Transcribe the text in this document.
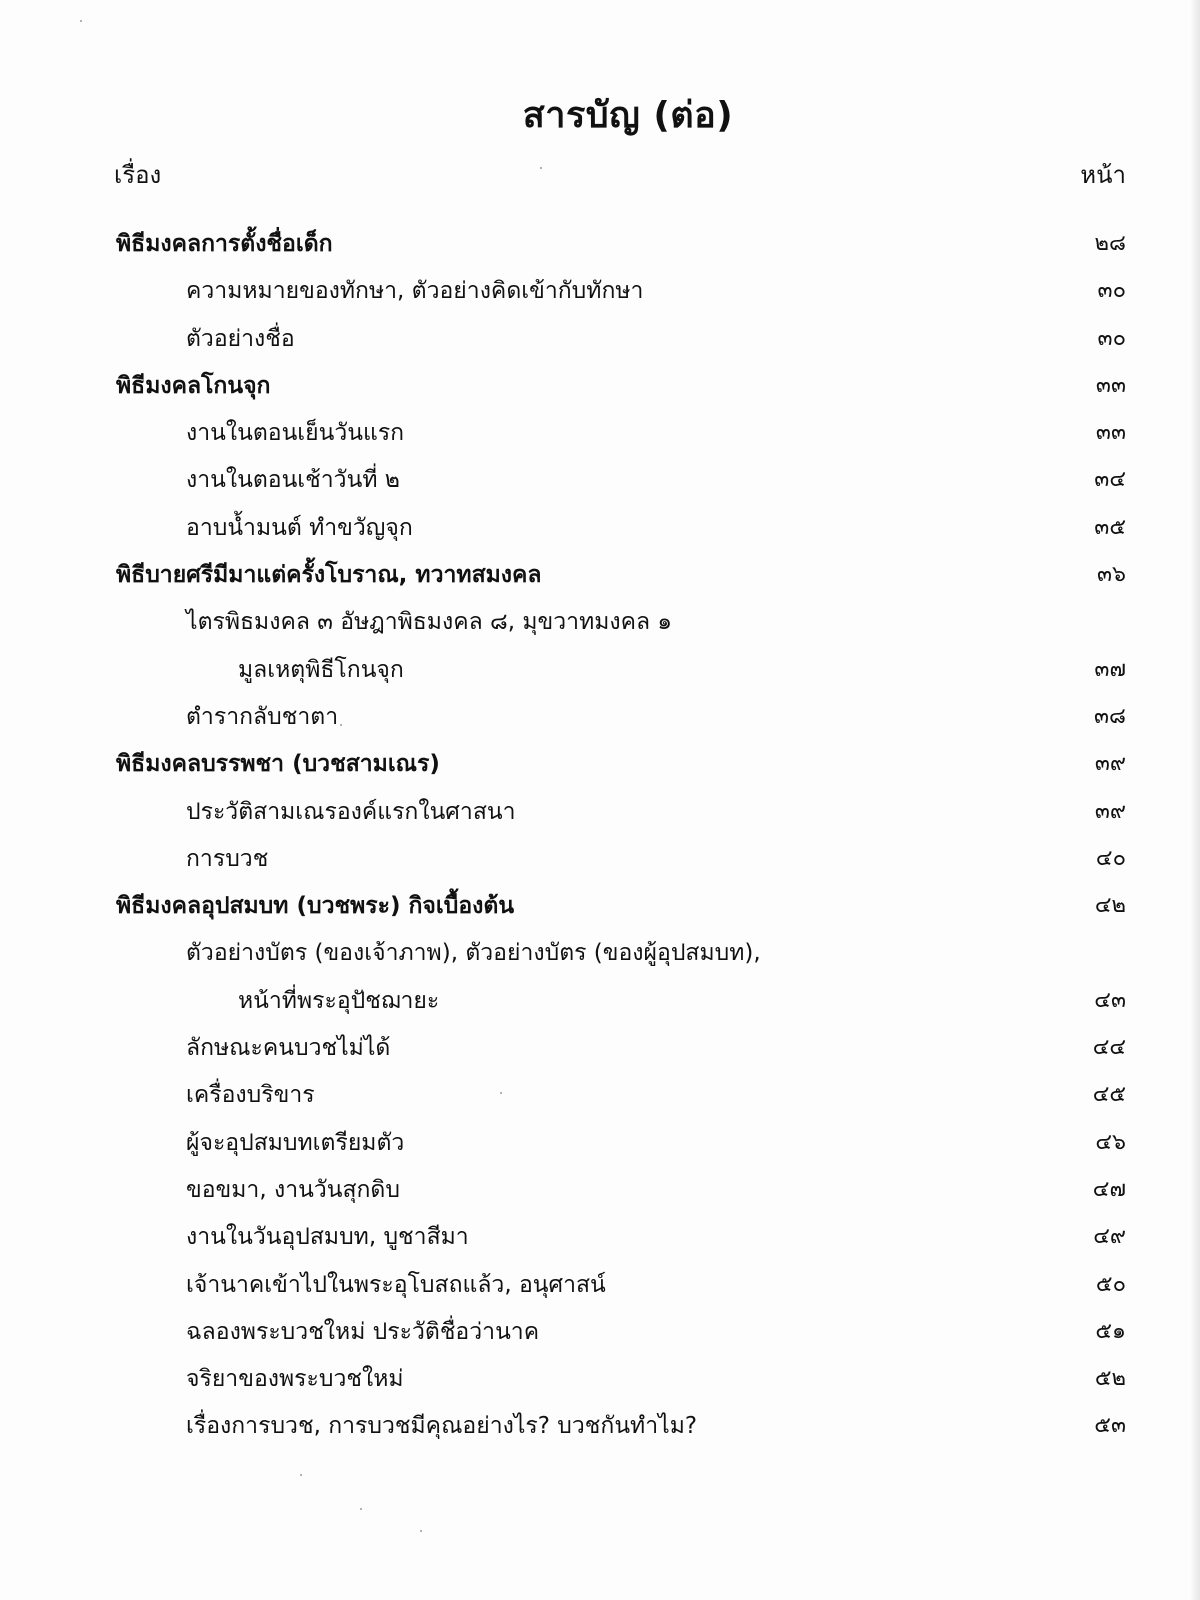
สารบัญ (ต่อ)
เรื่อง	หน้า
พิธีมงคลการตั้งชื่อเด็ก	๒๘
ความหมายของทักษา, ตัวอย่างคิดเข้ากับทักษา	๓๐
ตัวอย่างชื่อ	๓๐
พิธีมงคลโกนจุก	๓๓
งานในตอนเย็นวันแรก	๓๓
งานในตอนเช้าวันที่ ๒	๓๔
อาบน้ำมนต์ ทำขวัญจุก	๓๕
พิธีบายศรีมีมาแต่ครั้งโบราณ, ทวาทสมงคล	๓๖
ไตรพิธมงคล ๓ อัษฎาพิธมงคล ๘, มุขวาทมงคล ๑
มูลเหตุพิธีโกนจุก	๓๗
ตำรากลับชาตา	๓๘
พิธีมงคลบรรพชา (บวชสามเณร)	๓๙
ประวัติสามเณรองค์แรกในศาสนา	๓๙
การบวช	๔๐
พิธีมงคลอุปสมบท (บวชพระ) กิจเบื้องต้น	๔๒
ตัวอย่างบัตร (ของเจ้าภาพ), ตัวอย่างบัตร (ของผู้อุปสมบท),
หน้าที่พระอุปัชฌายะ	๔๓
ลักษณะคนบวชไม่ได้	๔๔
เครื่องบริขาร	๔๕
ผู้จะอุปสมบทเตรียมตัว	๔๖
ขอขมา, งานวันสุกดิบ	๔๗
งานในวันอุปสมบท, บูชาสีมา	๔๙
เจ้านาคเข้าไปในพระอุโบสถแล้ว, อนุศาสน์	๕๐
ฉลองพระบวชใหม่ ประวัติชื่อว่านาค	๕๑
จริยาของพระบวชใหม่	๕๒
เรื่องการบวช, การบวชมีคุณอย่างไร? บวชกันทำไม?	๕๓
